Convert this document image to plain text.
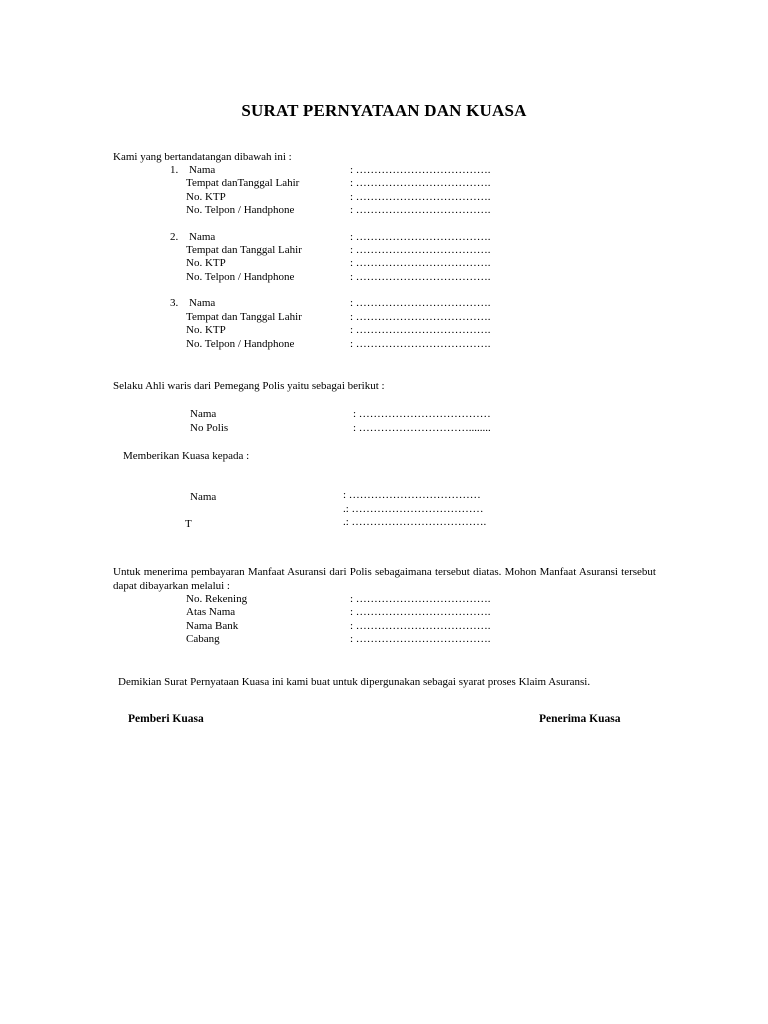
SURAT PERNYATAAN DAN KUASA
Kami yang bertandatangan dibawah ini :
1. Nama
Tempat danTanggal Lahir
No. KTP
No. Telpon / Handphone
: ……………………………….
: ……………………………….
: ……………………………….
: ……………………………….
2. Nama
Tempat dan Tanggal Lahir
No. KTP
No. Telpon / Handphone
: ……………………………….
: ……………………………….
: ……………………………….
: ……………………………….
3. Nama
Tempat dan Tanggal Lahir
No. KTP
No. Telpon / Handphone
: ……………………………….
: ……………………………….
: ……………………………….
: ……………………………….
Selaku Ahli waris dari Pemegang Polis yaitu sebagai berikut :
Nama
No Polis
: ………………………………
: …………………………........
Memberikan Kuasa kepada :
Nama
T
: ………………………………
.: ………………………………
.: ……………………………….
Untuk menerima pembayaran Manfaat Asuransi dari Polis sebagaimana tersebut diatas. Mohon Manfaat Asuransi tersebut dapat dibayarkan melalui :
No. Rekening
Atas Nama
Nama Bank
Cabang
: ……………………………….
: ……………………………….
: ……………………………….
: ……………………………….
Demikian Surat Pernyataan Kuasa ini kami buat untuk dipergunakan sebagai syarat proses Klaim Asuransi.
Pemberi Kuasa	Penerima Kuasa
